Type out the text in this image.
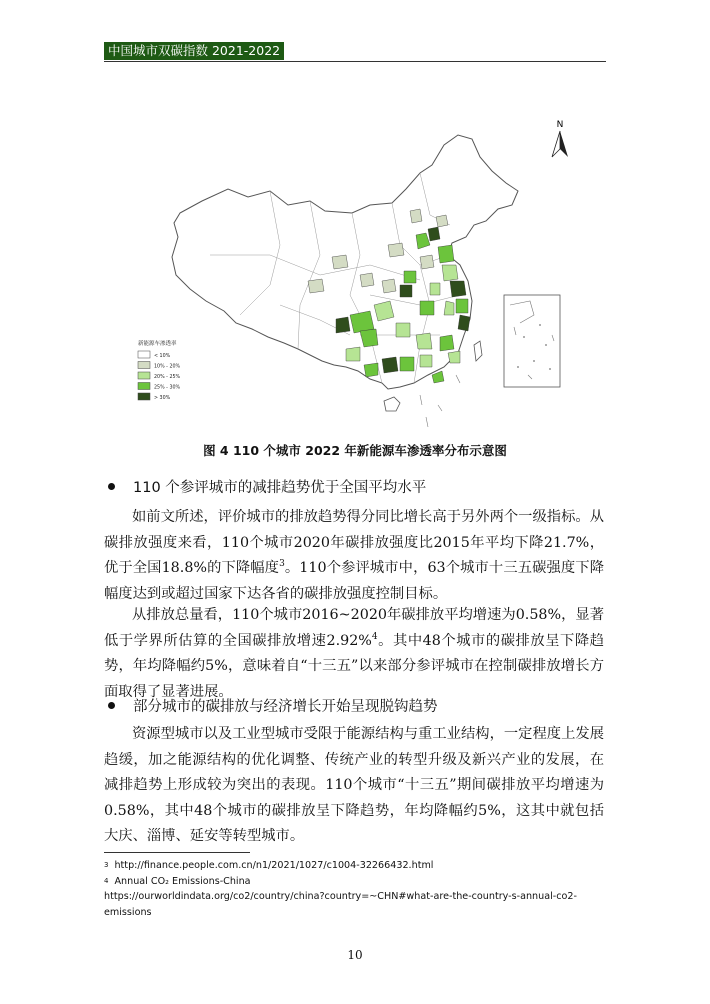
中国城市双碳指数 2021-2022
N
新能源车渗透率
< 10%
10% - 20%
20% - 25%
25% - 30%
> 30%
图 4 110 个城市 2022 年新能源车渗透率分布示意图
110 个参评城市的减排趋势优于全国平均水平

如前文所述，评价城市的排放趋势得分同比增长高于另外两个一级指标。从碳排放强度来看，110个城市2020年碳排放强度比2015年平均下降21.7%，优于全国18.8%的下降幅度$^3$。110个参评城市中，63个城市十三五碳强度下降幅度达到或超过国家下达各省的碳排放强度控制目标。

从排放总量看，110个城市2016~2020年碳排放平均增速为0.58%，显著低于学界所估算的全国碳排放增速2.92%$^4$。其中48个城市的碳排放呈下降趋势，年均降幅约5%，意味着自“十三五”以来部分参评城市在控制碳排放增长方面取得了显著进展。

部分城市的碳排放与经济增长开始呈现脱钩趋势

资源型城市以及工业型城市受限于能源结构与重工业结构，一定程度上发展趋缓，加之能源结构的优化调整、传统产业的转型升级及新兴产业的发展，在减排趋势上形成较为突出的表现。110个城市“十三五”期间碳排放平均增速为0.58%，其中48个城市的碳排放呈下降趋势，年均降幅约5%，这其中就包括大庆、淄博、延安等转型城市。

$^3$ http://finance.people.com.cn/n1/2021/1027/c1004-32266432.html

$^4$ Annual CO₂ Emissions-China

https://ourworldindata.org/co2/country/china?country=~CHN#what-are-the-country-s-annual-co2-

emissions

10
